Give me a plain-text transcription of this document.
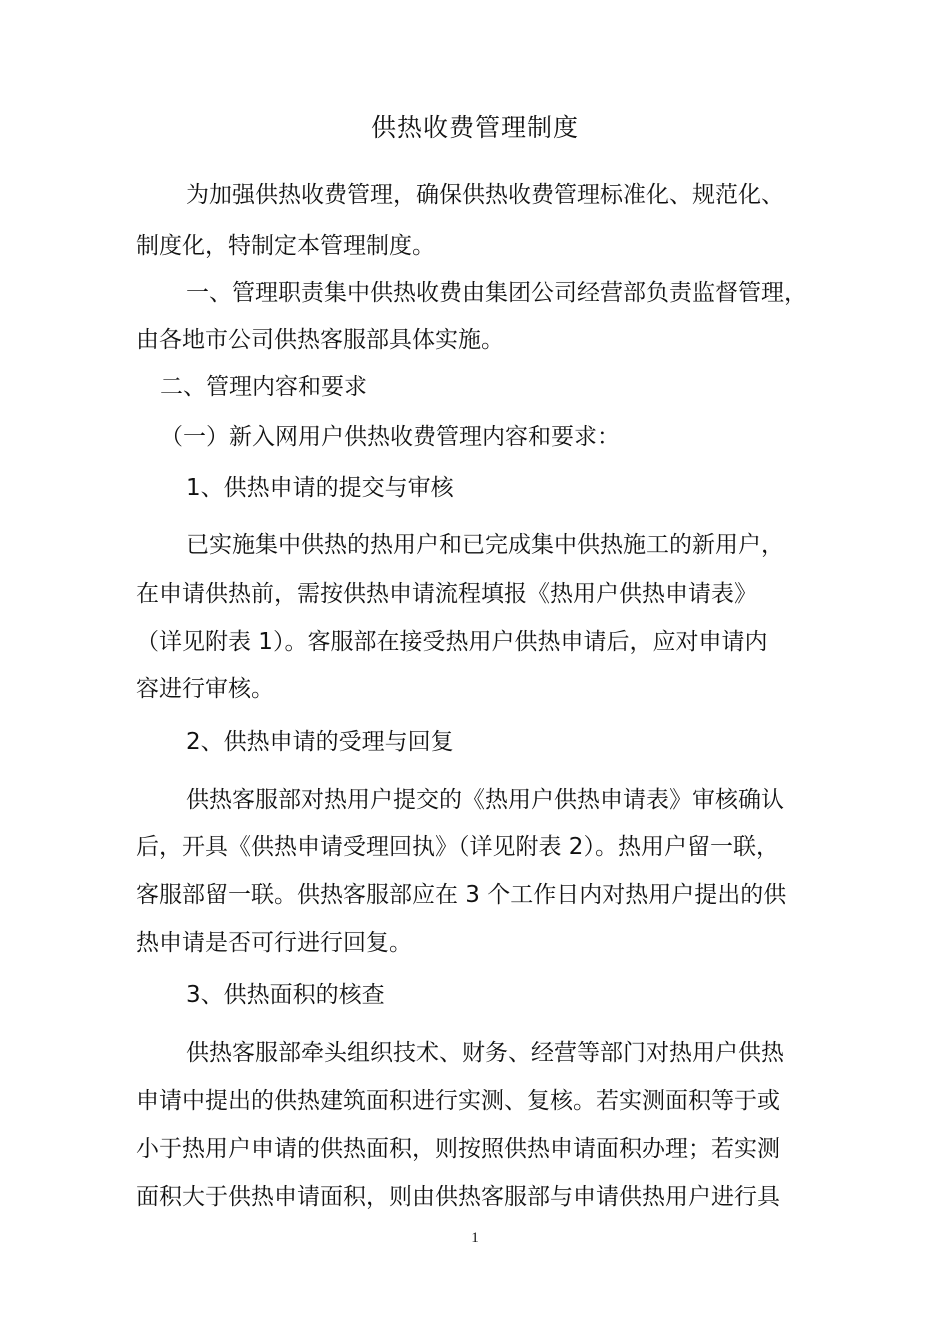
供热收费管理制度

为加强供热收费管理，确保供热收费管理标准化、规范化、

制度化，特制定本管理制度。

一、管理职责集中供热收费由集团公司经营部负责监督管理，

由各地市公司供热客服部具体实施。

二、管理内容和要求

（一）新入网用户供热收费管理内容和要求：

1、供热申请的提交与审核

已实施集中供热的热用户和已完成集中供热施工的新用户，

在申请供热前，需按供热申请流程填报《热用户供热申请表》

（详见附表 1）。客服部在接受热用户供热申请后，应对申请内

容进行审核。

2、供热申请的受理与回复

供热客服部对热用户提交的《热用户供热申请表》审核确认

后，开具《供热申请受理回执》（详见附表 2）。热用户留一联，

客服部留一联。供热客服部应在 3 个工作日内对热用户提出的供

热申请是否可行进行回复。

3、供热面积的核查

供热客服部牵头组织技术、财务、经营等部门对热用户供热

申请中提出的供热建筑面积进行实测、复核。若实测面积等于或

小于热用户申请的供热面积，则按照供热申请面积办理；若实测

面积大于供热申请面积，则由供热客服部与申请供热用户进行具

1
